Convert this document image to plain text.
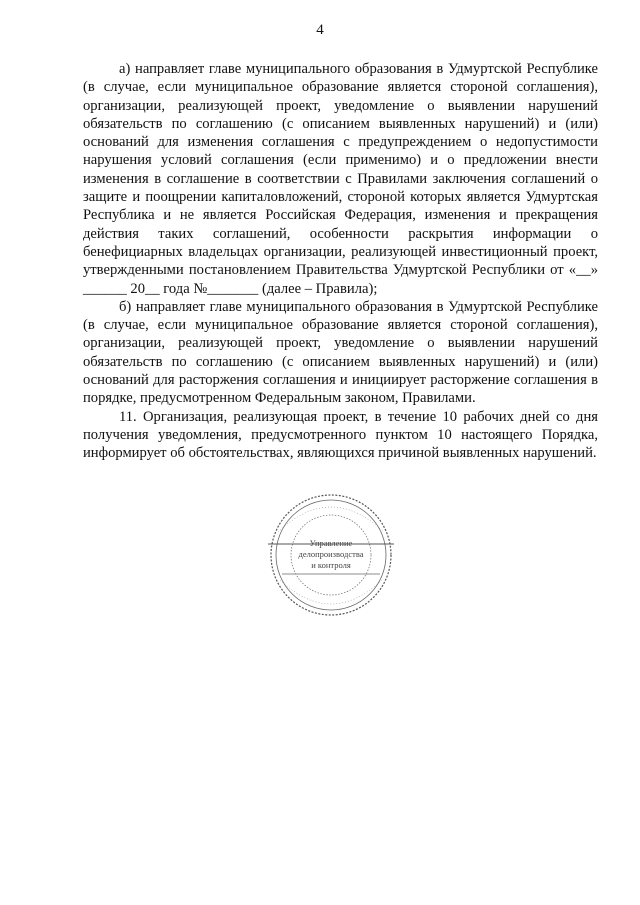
4

а) направляет главе муниципального образования в Удмуртской Республике (в случае, если муниципальное образование является стороной соглашения), организации, реализующей проект, уведомление о выявлении нарушений обязательств по соглашению (с описанием выявленных нарушений) и (или) оснований для изменения соглашения с предупреждением о недопустимости нарушения условий соглашения (если применимо) и о предложении внести изменения в соглашение в соответствии с Правилами заключения соглашений о защите и поощрении капиталовложений, стороной которых является Удмуртская Республика и не является Российская Федерация, изменения и прекращения действия таких соглашений, особенности раскрытия информации о бенефициарных владельцах организации, реализующей инвестиционный проект, утвержденными постановлением Правительства Удмуртской Республики от «__» ______ 20__ года №_______ (далее – Правила);

б) направляет главе муниципального образования в Удмуртской Республике (в случае, если муниципальное образование является стороной соглашения), организации, реализующей проект, уведомление о выявлении нарушений обязательств по соглашению (с описанием выявленных нарушений) и (или) оснований для расторжения соглашения и инициирует расторжение соглашения в порядке, предусмотренном Федеральным законом, Правилами.

11. Организация, реализующая проект, в течение 10 рабочих дней со дня получения уведомления, предусмотренного пунктом 10 настоящего Порядка, информирует об обстоятельствах, являющихся причиной выявленных нарушений.

Управление
делопроизводства
и контроля
